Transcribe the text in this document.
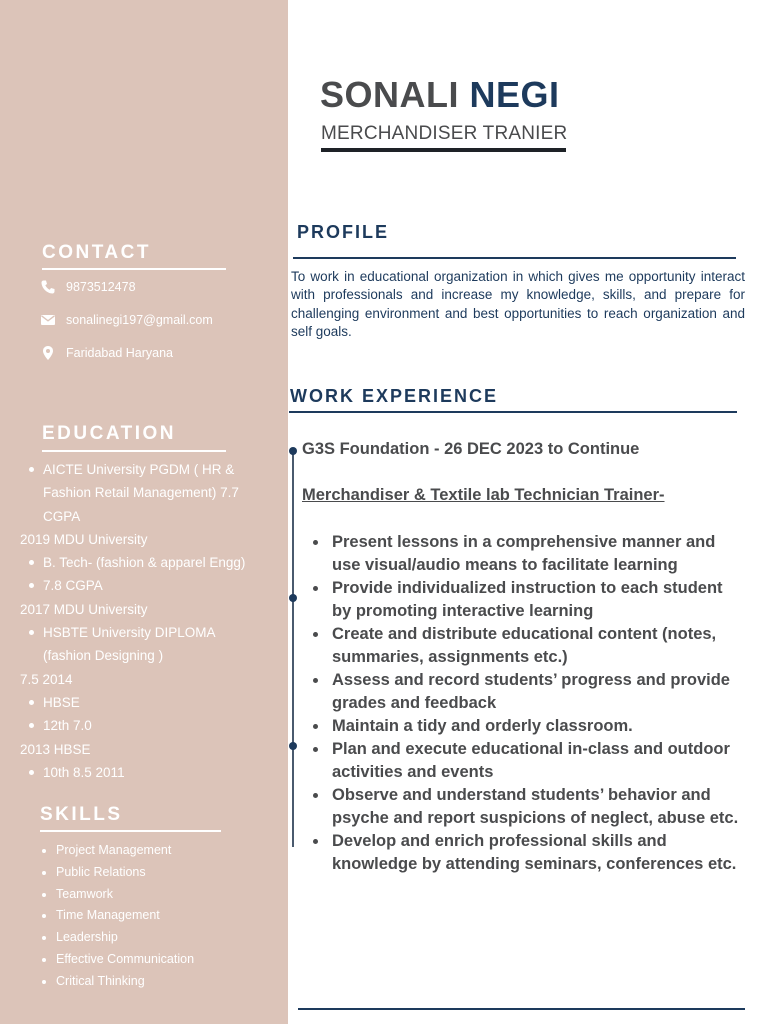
CONTACT
9873512478
sonalinegi197@gmail.com
Faridabad Haryana
EDUCATION
AICTE University PGDM ( HR & Fashion Retail Management) 7.7 CGPA
2019 MDU University
B. Tech- (fashion & apparel Engg)
7.8 CGPA
2017 MDU University
HSBTE University DIPLOMA (fashion Designing )
7.5 2014
HBSE
12th 7.0
2013 HBSE
10th 8.5 2011
SKILLS
Project Management
Public Relations
Teamwork
Time Management
Leadership
Effective Communication
Critical Thinking
SONALI NEGI
MERCHANDISER TRANIER
PROFILE
To work in educational organization in which gives me opportunity interact with professionals and increase my knowledge, skills, and prepare for challenging environment and best opportunities to reach organization and self goals.
WORK EXPERIENCE
G3S Foundation - 26 DEC 2023 to Continue
Merchandiser & Textile lab Technician Trainer-
Present lessons in a comprehensive manner and use visual/audio means to facilitate learning
Provide individualized instruction to each student by promoting interactive learning
Create and distribute educational content (notes, summaries, assignments etc.)
Assess and record students’ progress and provide grades and feedback
Maintain a tidy and orderly classroom.
Plan and execute educational in-class and outdoor activities and events
Observe and understand students’ behavior and psyche and report suspicions of neglect, abuse etc.
Develop and enrich professional skills and knowledge by attending seminars, conferences etc.
